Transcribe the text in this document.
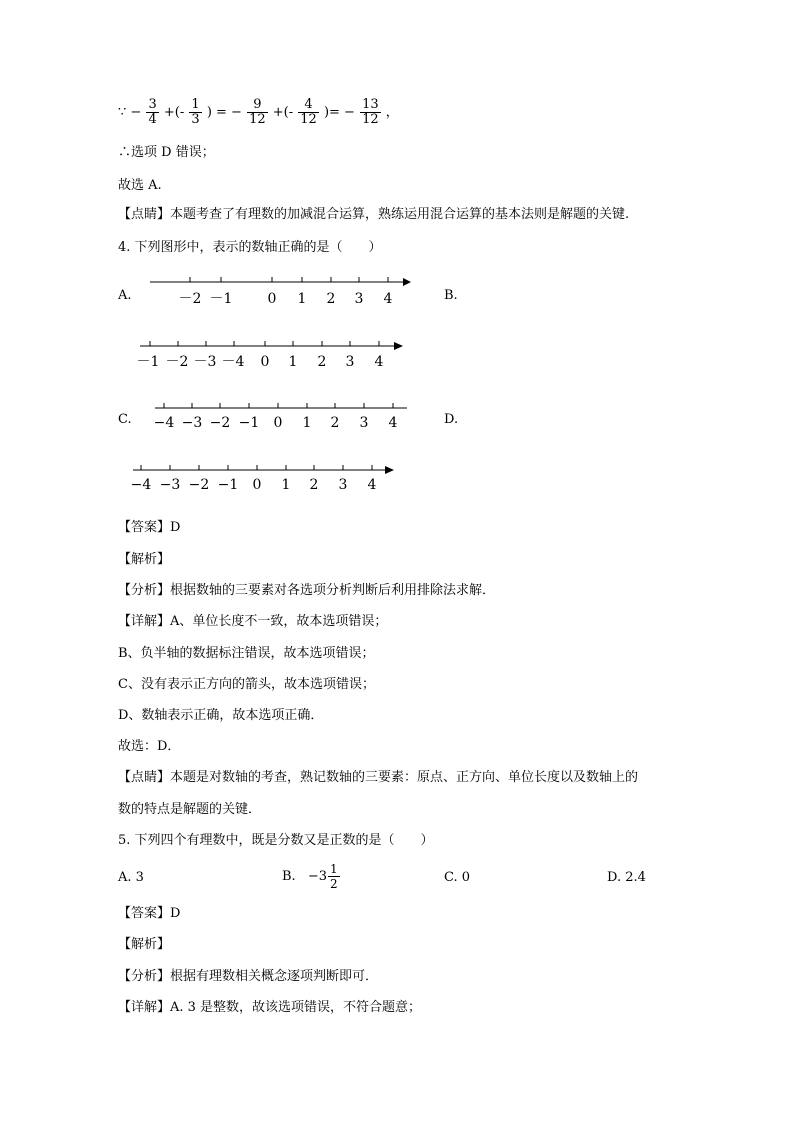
∵ − $\frac{3}{4}$ +(- $\frac{1}{3}$ ) = − $\frac{9}{12}$ +(- $\frac{4}{12}$ )= − $\frac{13}{12}$ ，
∴选项 D 错误；
故选 A.
【点睛】本题考查了有理数的加减混合运算，熟练运用混合运算的基本法则是解题的关键.
4. 下列图形中，表示的数轴正确的是（　　）
A.	B.
－2 －1	0 1 2 3 4
－1 －2 －3 －4 0 1 2 3 4
C.	D.
−4 −3 −2 −1 0 1 2 3 4
−4 −3 −2 −1 0 1 2 3 4
【答案】D
【解析】
【分析】根据数轴的三要素对各选项分析判断后利用排除法求解．
【详解】A、单位长度不一致，故本选项错误；
B、负半轴的数据标注错误，故本选项错误；
C、没有表示正方向的箭头，故本选项错误；
D、数轴表示正确，故本选项正确．
故选：D．
【点睛】本题是对数轴的考查，熟记数轴的三要素：原点、正方向、单位长度以及数轴上的
数的特点是解题的关键．
5. 下列四个有理数中，既是分数又是正数的是（　　）
A. 3	B. $-3 \frac{1}{2}$	C. 0	D. 2.4
【答案】D
【解析】
【分析】根据有理数相关概念逐项判断即可．
【详解】A. 3 是整数，故该选项错误，不符合题意；
